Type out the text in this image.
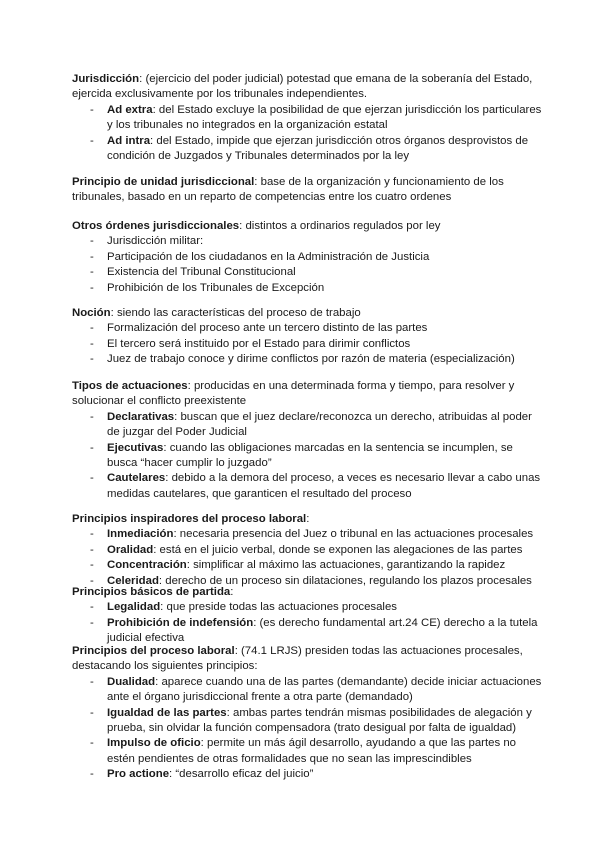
Jurisdicción: (ejercicio del poder judicial) potestad que emana de la soberanía del Estado, ejercida exclusivamente por los tribunales independientes.
- Ad extra: del Estado excluye la posibilidad de que ejerzan jurisdicción los particulares y los tribunales no integrados en la organización estatal
- Ad intra: del Estado, impide que ejerzan jurisdicción otros órganos desprovistos de condición de Juzgados y Tribunales determinados por la ley
Principio de unidad jurisdiccional: base de la organización y funcionamiento de los tribunales, basado en un reparto de competencias entre los cuatro ordenes
Otros órdenes jurisdiccionales: distintos a ordinarios regulados por ley
- Jurisdicción militar:
- Participación de los ciudadanos en la Administración de Justicia
- Existencia del Tribunal Constitucional
- Prohibición de los Tribunales de Excepción
Noción: siendo las características del proceso de trabajo
- Formalización del proceso ante un tercero distinto de las partes
- El tercero será instituido por el Estado para dirimir conflictos
- Juez de trabajo conoce y dirime conflictos por razón de materia (especialización)
Tipos de actuaciones: producidas en una determinada forma y tiempo, para resolver y solucionar el conflicto preexistente
- Declarativas: buscan que el juez declare/reconozca un derecho, atribuidas al poder de juzgar del Poder Judicial
- Ejecutivas: cuando las obligaciones marcadas en la sentencia se incumplen, se busca “hacer cumplir lo juzgado”
- Cautelares: debido a la demora del proceso, a veces es necesario llevar a cabo unas medidas cautelares, que garanticen el resultado del proceso
Principios inspiradores del proceso laboral:
- Inmediación: necesaria presencia del Juez o tribunal en las actuaciones procesales
- Oralidad: está en el juicio verbal, donde se exponen las alegaciones de las partes
- Concentración: simplificar al máximo las actuaciones, garantizando la rapidez
- Celeridad: derecho de un proceso sin dilataciones, regulando los plazos procesales
Principios básicos de partida:
- Legalidad: que preside todas las actuaciones procesales
- Prohibición de indefensión: (es derecho fundamental art.24 CE) derecho a la tutela judicial efectiva
Principios del proceso laboral: (74.1 LRJS) presiden todas las actuaciones procesales, destacando los siguientes principios:
- Dualidad: aparece cuando una de las partes (demandante) decide iniciar actuaciones ante el órgano jurisdiccional frente a otra parte (demandado)
- Igualdad de las partes: ambas partes tendrán mismas posibilidades de alegación y prueba, sin olvidar la función compensadora (trato desigual por falta de igualdad)
- Impulso de oficio: permite un más ágil desarrollo, ayudando a que las partes no estén pendientes de otras formalidades que no sean las imprescindibles
- Pro actione: “desarrollo eficaz del juicio”
